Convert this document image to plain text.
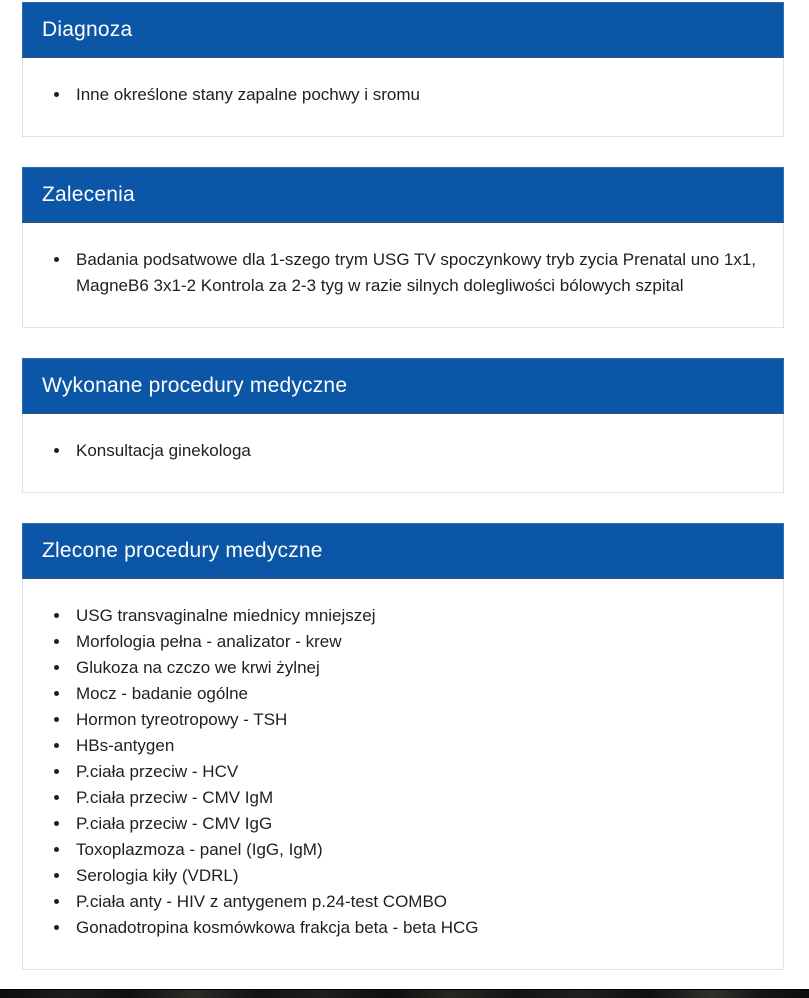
Diagnoza
• Inne określone stany zapalne pochwy i sromu
Zalecenia
• Badania podsatwowe dla 1-szego trym USG TV spoczynkowy tryb zycia Prenatal uno 1x1, MagneB6 3x1-2 Kontrola za 2-3 tyg w razie silnych dolegliwości bólowych szpital
Wykonane procedury medyczne
• Konsultacja ginekologa
Zlecone procedury medyczne
• USG transvaginalne miednicy mniejszej
• Morfologia pełna - analizator - krew
• Glukoza na czczo we krwi żylnej
• Mocz - badanie ogólne
• Hormon tyreotropowy - TSH
• HBs-antygen
• P.ciała przeciw - HCV
• P.ciała przeciw - CMV IgM
• P.ciała przeciw - CMV IgG
• Toxoplazmoza - panel (IgG, IgM)
• Serologia kiły (VDRL)
• P.ciała anty - HIV z antygenem p.24-test COMBO
• Gonadotropina kosmówkowa frakcja beta - beta HCG
